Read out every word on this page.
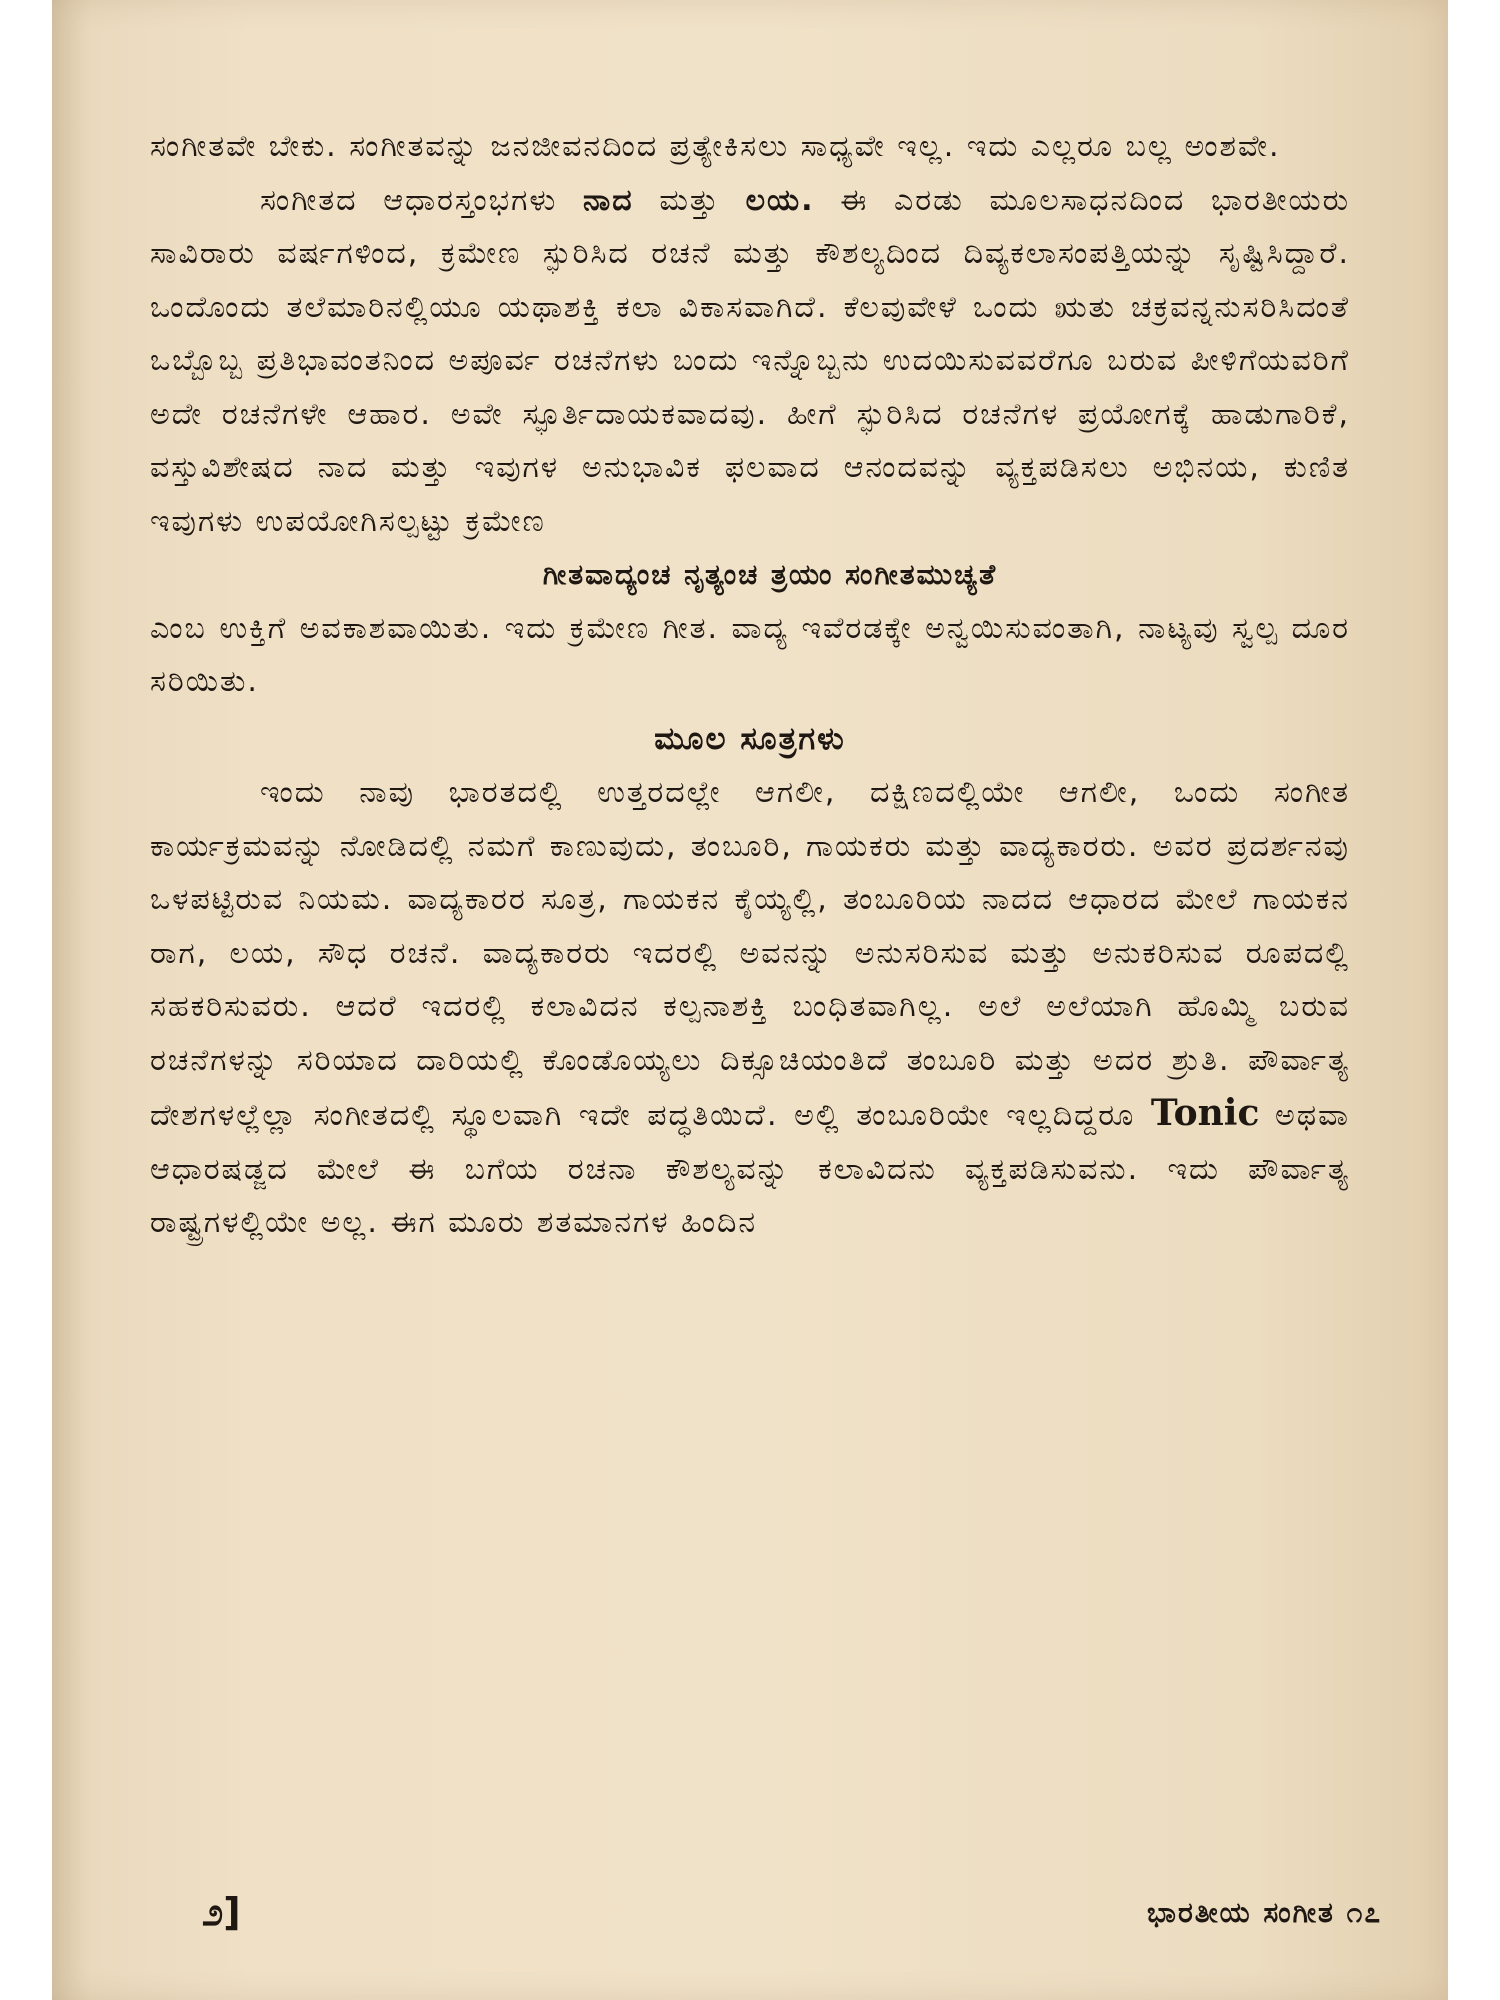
ಸಂಗೀತವೇ ಬೇಕು. ಸಂಗೀತವನ್ನು ಜನಜೀವನದಿಂದ ಪ್ರತ್ಯೇಕಿಸಲು ಸಾಧ್ಯವೇ ಇಲ್ಲ. ಇದು ಎಲ್ಲರೂ ಬಲ್ಲ ಅಂಶವೇ.

ಸಂಗೀತದ ಆಧಾರಸ್ತಂಭಗಳು ನಾದ ಮತ್ತು ಲಯ. ಈ ಎರಡು ಮೂಲಸಾಧನದಿಂದ ಭಾರತೀಯರು ಸಾವಿರಾರು ವರ್ಷಗಳಿಂದ, ಕ್ರಮೇಣ ಸ್ಫುರಿಸಿದ ರಚನೆ ಮತ್ತು ಕೌಶಲ್ಯದಿಂದ ದಿವ್ಯಕಲಾಸಂಪತ್ತಿಯನ್ನು ಸೃಷ್ಟಿಸಿದ್ದಾರೆ. ಒಂದೊಂದು ತಲೆಮಾರಿನಲ್ಲಿಯೂ ಯಥಾಶಕ್ತಿ ಕಲಾ ವಿಕಾಸವಾಗಿದೆ. ಕೆಲವುವೇಳೆ ಒಂದು ಋತು ಚಕ್ರವನ್ನನುಸರಿಸಿದಂತೆ ಒಬ್ಬೊಬ್ಬ ಪ್ರತಿಭಾವಂತನಿಂದ ಅಪೂರ್ವ ರಚನೆಗಳು ಬಂದು ಇನ್ನೊಬ್ಬನು ಉದಯಿಸುವವರೆಗೂ ಬರುವ ಪೀಳಿಗೆಯವರಿಗೆ ಅದೇ ರಚನೆಗಳೇ ಆಹಾರ. ಅವೇ ಸ್ಫೂರ್ತಿದಾಯಕವಾದವು. ಹೀಗೆ ಸ್ಫುರಿಸಿದ ರಚನೆಗಳ ಪ್ರಯೋಗಕ್ಕೆ ಹಾಡುಗಾರಿಕೆ, ವಸ್ತುವಿಶೇಷದ ನಾದ ಮತ್ತು ಇವುಗಳ ಅನುಭಾವಿಕ ಫಲವಾದ ಆನಂದವನ್ನು ವ್ಯಕ್ತಪಡಿಸಲು ಅಭಿನಯ, ಕುಣಿತ ಇವುಗಳು ಉಪಯೋಗಿಸಲ್ಪಟ್ಟು ಕ್ರಮೇಣ

ಗೀತವಾದ್ಯಂಚ ನೃತ್ಯಂಚ ತ್ರಯಂ ಸಂಗೀತಮುಚ್ಯತೆ

ಎಂಬ ಉಕ್ತಿಗೆ ಅವಕಾಶವಾಯಿತು. ಇದು ಕ್ರಮೇಣ ಗೀತ. ವಾದ್ಯ ಇವೆರಡಕ್ಕೇ ಅನ್ವಯಿಸುವಂತಾಗಿ, ನಾಟ್ಯವು ಸ್ವಲ್ಪ ದೂರ ಸರಿಯಿತು.

ಮೂಲ ಸೂತ್ರಗಳು

ಇಂದು ನಾವು ಭಾರತದಲ್ಲಿ ಉತ್ತರದಲ್ಲೇ ಆಗಲೀ, ದಕ್ಷಿಣದಲ್ಲಿಯೇ ಆಗಲೀ, ಒಂದು ಸಂಗೀತ ಕಾರ್ಯಕ್ರಮವನ್ನು ನೋಡಿದಲ್ಲಿ ನಮಗೆ ಕಾಣುವುದು, ತಂಬೂರಿ, ಗಾಯಕರು ಮತ್ತು ವಾದ್ಯಕಾರರು. ಅವರ ಪ್ರದರ್ಶನವು ಒಳಪಟ್ಟಿರುವ ನಿಯಮ. ವಾದ್ಯಕಾರರ ಸೂತ್ರ, ಗಾಯಕನ ಕೈಯ್ಯಲ್ಲಿ, ತಂಬೂರಿಯ ನಾದದ ಆಧಾರದ ಮೇಲೆ ಗಾಯಕನ ರಾಗ, ಲಯ, ಸೌಧ ರಚನೆ. ವಾದ್ಯಕಾರರು ಇದರಲ್ಲಿ ಅವನನ್ನು ಅನುಸರಿಸುವ ಮತ್ತು ಅನುಕರಿಸುವ ರೂಪದಲ್ಲಿ ಸಹಕರಿಸುವರು. ಆದರೆ ಇದರಲ್ಲಿ ಕಲಾವಿದನ ಕಲ್ಪನಾಶಕ್ತಿ ಬಂಧಿತವಾಗಿಲ್ಲ. ಅಲೆ ಅಲೆಯಾಗಿ ಹೊಮ್ಮಿ ಬರುವ ರಚನೆಗಳನ್ನು ಸರಿಯಾದ ದಾರಿಯಲ್ಲಿ ಕೊಂಡೊಯ್ಯಲು ದಿಕ್ಸೂಚಿಯಂತಿದೆ ತಂಬೂರಿ ಮತ್ತು ಅದರ ಶ್ರುತಿ. ಪೌರ್ವಾತ್ಯ ದೇಶಗಳಲ್ಲೆಲ್ಲಾ ಸಂಗೀತದಲ್ಲಿ ಸ್ಥೂಲವಾಗಿ ಇದೇ ಪದ್ಧತಿಯಿದೆ. ಅಲ್ಲಿ ತಂಬೂರಿಯೇ ಇಲ್ಲದಿದ್ದರೂ Tonic ಅಥವಾ ಆಧಾರಷಡ್ಜದ ಮೇಲೆ ಈ ಬಗೆಯ ರಚನಾ ಕೌಶಲ್ಯವನ್ನು ಕಲಾವಿದನು ವ್ಯಕ್ತಪಡಿಸುವನು. ಇದು ಪೌರ್ವಾತ್ಯ ರಾಷ್ಟ್ರಗಳಲ್ಲಿಯೇ ಅಲ್ಲ. ಈಗ ಮೂರು ಶತಮಾನಗಳ ಹಿಂದಿನ

೨]	ಭಾರತೀಯ ಸಂಗೀತ ೧೭
